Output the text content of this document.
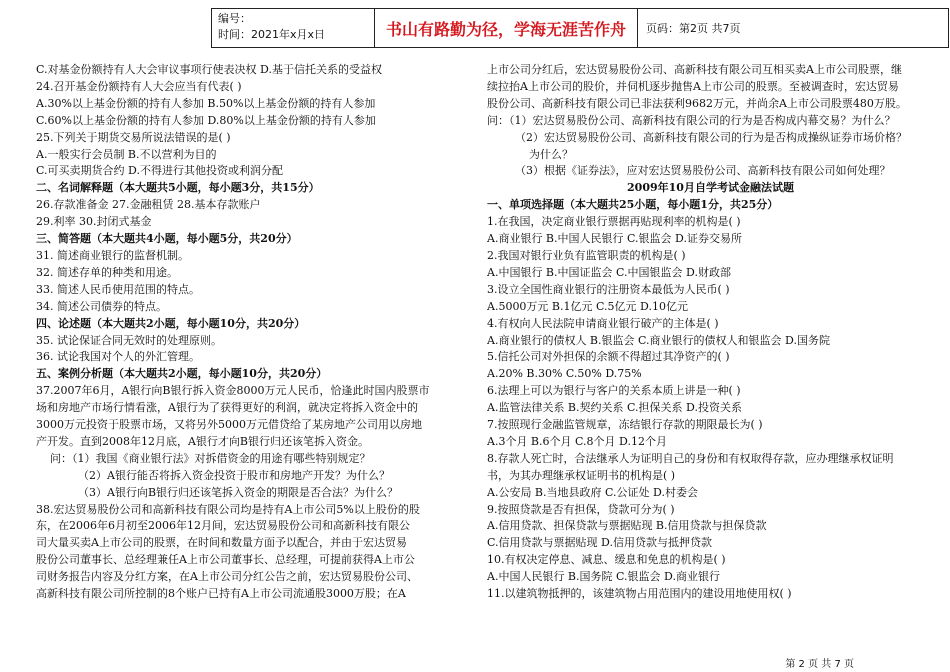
编号：
时间：2021年x月x日	书山有路勤为径，学海无涯苦作舟	页码：第2页 共7页
C.对基金份额持有人大会审议事项行使表决权 D.基于信托关系的受益权
24.召开基金份额持有人大会应当有代表( )
A.30%以上基金份额的持有人参加 B.50%以上基金份额的持有人参加
C.60%以上基金份额的持有人参加 D.80%以上基金份额的持有人参加
25.下列关于期货交易所说法错误的是( )
A.一般实行会员制 B.不以营利为目的
C.可买卖期货合约 D.不得进行其他投资或利润分配
二、名词解释题（本大题共5小题，每小题3分，共15分）
26.存款准备金 27.金融租赁 28.基本存款账户
29.利率 30.封闭式基金
三、简答题（本大题共4小题，每小题5分，共20分）
31. 简述商业银行的监督机制。
32. 简述存单的种类和用途。
33. 简述人民币使用范围的特点。
34. 简述公司债券的特点。
四、论述题（本大题共2小题，每小题10分，共20分）
35. 试论保证合同无效时的处理原则。
36. 试论我国对个人的外汇管理。
五、案例分析题（本大题共2小题，每小题10分，共20分）
37.2007年6月，A银行向B银行拆入资金8000万元人民币，恰逢此时国内股票市
场和房地产市场行情看涨，A银行为了获得更好的利润，就决定将拆入资金中的
3000万元投资于股票市场，又将另外5000万元借贷给了某房地产公司用以房地
产开发。直到2008年12月底，A银行才向B银行归还该笔拆入资金。
问：（1）我国《商业银行法》对拆借资金的用途有哪些特别规定？
（2）A银行能否将拆入资金投资于股市和房地产开发？为什么？
（3）A银行向B银行归还该笔拆入资金的期限是否合法？为什么？
38.宏达贸易股份公司和高新科技有限公司均是持有A上市公司5%以上股份的股
东，在2006年6月初至2006年12月间，宏达贸易股份公司和高新科技有限公
司大量买卖A上市公司的股票，在时间和数量方面予以配合，并由于宏达贸易
股份公司董事长、总经理兼任A上市公司董事长、总经理，可提前获得A上市公
司财务报告内容及分红方案，在A上市公司分红公告之前，宏达贸易股份公司、
高新科技有限公司所控制的8个账户已持有A上市公司流通股3000万股；在A
上市公司分红后，宏达贸易股份公司、高新科技有限公司互相买卖A上市公司股票，继
续拉抬A上市公司的股价，并伺机逐步抛售A上市公司的股票。至被调查时，宏达贸易
股份公司、高新科技有限公司已非法获利9682万元，并尚余A上市公司股票480万股。
问：（1）宏达贸易股份公司、高新科技有限公司的行为是否构成内幕交易？为什么？
（2）宏达贸易股份公司、高新科技有限公司的行为是否构成操纵证券市场价格？
为什么？
（3）根据《证券法》，应对宏达贸易股份公司、高新科技有限公司如何处理？
2009年10月自学考试金融法试题
一、单项选择题（本大题共25小题，每小题1分，共25分）
1.在我国，决定商业银行票据再贴现利率的机构是( )
A.商业银行 B.中国人民银行 C.银监会 D.证券交易所
2.我国对银行业负有监管职责的机构是( )
A.中国银行 B.中国证监会 C.中国银监会 D.财政部
3.设立全国性商业银行的注册资本最低为人民币( )
A.5000万元 B.1亿元 C.5亿元 D.10亿元
4.有权向人民法院申请商业银行破产的主体是( )
A.商业银行的债权人 B.银监会 C.商业银行的债权人和银监会 D.国务院
5.信托公司对外担保的余额不得超过其净资产的( )
A.20% B.30% C.50% D.75%
6.法理上可以为银行与客户的关系本质上讲是一种( )
A.监管法律关系 B.契约关系 C.担保关系 D.投资关系
7.按照现行金融监管规章，冻结银行存款的期限最长为( )
A.3个月 B.6个月 C.8个月 D.12个月
8.存款人死亡时，合法继承人为证明自己的身份和有权取得存款，应办理继承权证明
书，为其办理继承权证明书的机构是( )
A.公安局 B.当地县政府 C.公证处 D.村委会
9.按照贷款是否有担保，贷款可分为( )
A.信用贷款、担保贷款与票据贴现 B.信用贷款与担保贷款
C.信用贷款与票据贴现 D.信用贷款与抵押贷款
10.有权决定停息、减息、缓息和免息的机构是( )
A.中国人民银行 B.国务院 C.银监会 D.商业银行
11.以建筑物抵押的，该建筑物占用范围内的建设用地使用权( )
第 2 页 共 7 页
